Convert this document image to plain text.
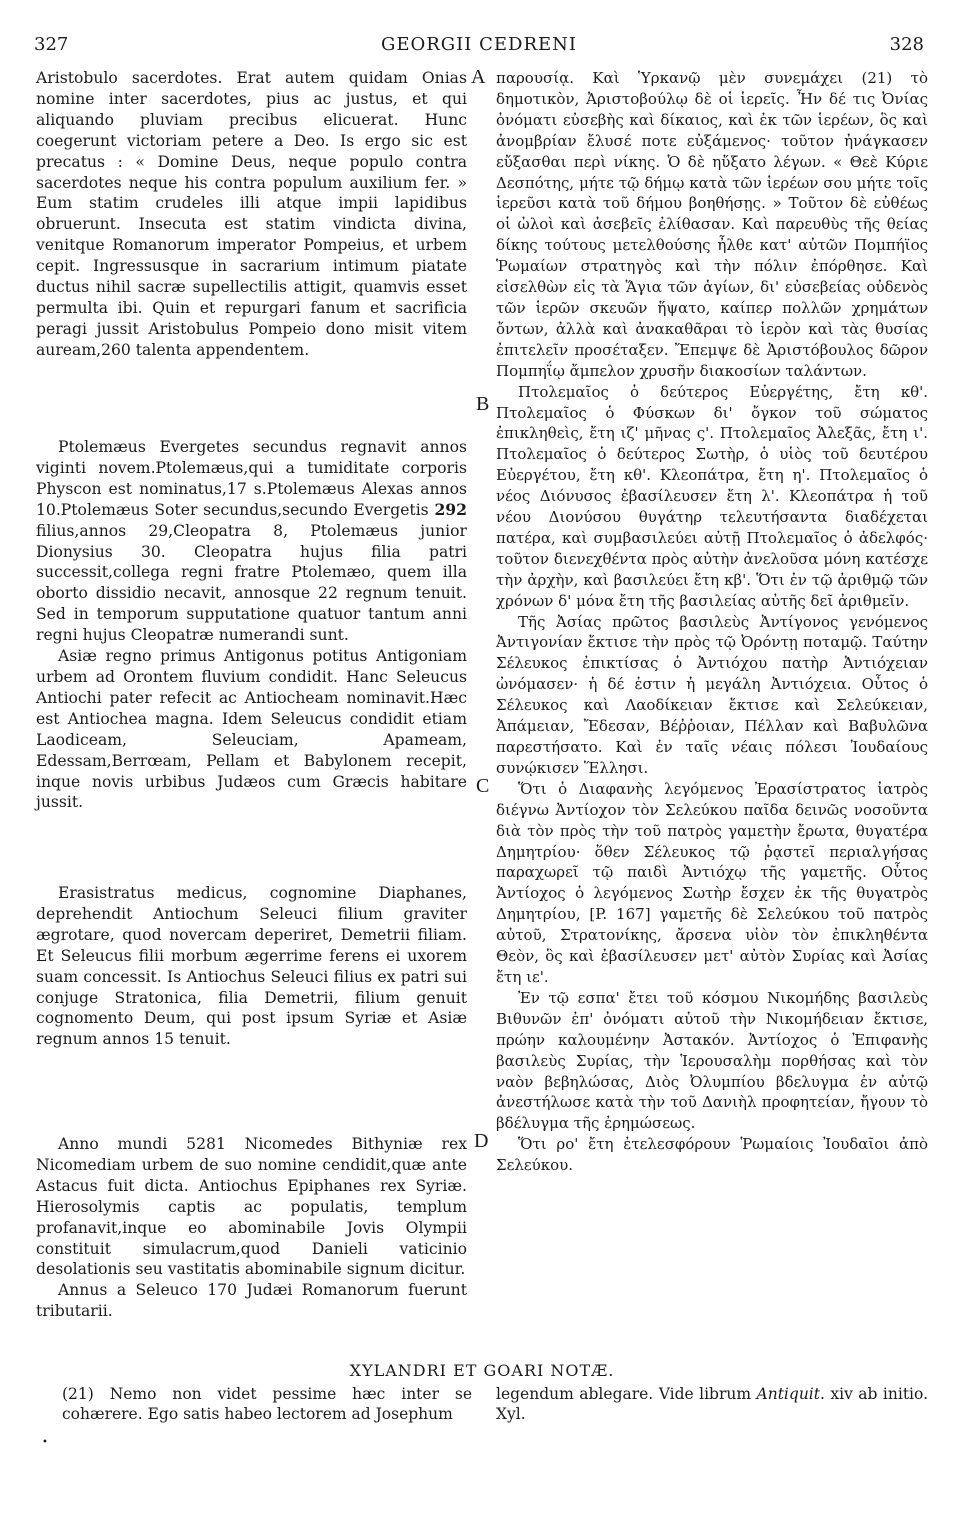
327	GEORGII CEDRENI	328
A
B
C
D

Aristobulo sacerdotes. Erat autem quidam Onias nomine inter sacerdotes, pius ac justus, et qui aliquando pluviam precibus elicuerat. Hunc coegerunt victoriam petere a Deo. Is ergo sic est precatus : « Domine Deus, neque populo contra sacerdotes neque his contra populum auxilium fer. » Eum statim crudeles illi atque impii lapidibus obruerunt. Insecuta est statim vindicta divina, venitque Romanorum imperator Pompeius, et urbem cepit. Ingressusque in sacrarium intimum piatate ductus nihil sacræ supellectilis attigit, quamvis esset permulta ibi. Quin et repurgari fanum et sacrificia peragi jussit Aristobulus Pompeio dono misit vitem auream,260 talenta appendentem.

Ptolemæus Evergetes secundus regnavit annos viginti novem.Ptolemæus,qui a tumiditate corporis Physcon est nominatus,17 s.Ptolemæus Alexas annos 10.Ptolemæus Soter secundus,secundo Evergetis 292 filius,annos 29,Cleopatra 8, Ptolemæus junior Dionysius 30. Cleopatra hujus filia patri successit,collega regni fratre Ptolemæo, quem illa oborto dissidio necavit, annosque 22 regnum tenuit. Sed in temporum supputatione quatuor tantum anni regni hujus Cleopatræ numerandi sunt.

Asiæ regno primus Antigonus potitus Antigoniam urbem ad Orontem fluvium condidit. Hanc Seleucus Antiochi pater refecit ac Antiocheam nominavit.Hæc est Antiochea magna. Idem Seleucus condidit etiam Laodiceam, Seleuciam, Apameam, Edessam,Berrœam, Pellam et Babylonem recepit, inque novis urbibus Judæos cum Græcis habitare jussit.

Erasistratus medicus, cognomine Diaphanes, deprehendit Antiochum Seleuci filium graviter ægrotare, quod novercam deperiret, Demetrii filiam. Et Seleucus filii morbum ægerrime ferens ei uxorem suam concessit. Is Antiochus Seleuci filius ex patri sui conjuge Stratonica, filia Demetrii, filium genuit cognomento Deum, qui post ipsum Syriæ et Asiæ regnum annos 15 tenuit.

Anno mundi 5281 Nicomedes Bithyniæ rex Nicomediam urbem de suo nomine cendidit,quæ ante Astacus fuit dicta. Antiochus Epiphanes rex Syriæ. Hierosolymis captis ac populatis, templum profanavit,inque eo abominabile Jovis Olympii constituit simulacrum,quod Danieli vaticinio desolationis seu vastitatis abominabile signum dicitur.

Annus a Seleuco 170 Judæi Romanorum fuerunt tributarii.

παρουσίᾳ. Καὶ Ὑρκανῷ μὲν συνεμάχει (21) τὸ δημοτικὸν, Ἀριστοβούλῳ δὲ οἱ ἱερεῖς. Ἦν δέ τις Ὀνίας ὀνόματι εὐσεβὴς καὶ δίκαιος, καὶ ἐκ τῶν ἱερέων, ὃς καὶ ἀνομβρίαν ἔλυσέ ποτε εὐξάμενος· τοῦτον ἠνάγκασεν εὔξασθαι περὶ νίκης. Ὁ δὲ ηὔξατο λέγων. « Θεὲ Κύριε Δεσπότης, μήτε τῷ δήμῳ κατὰ τῶν ἱερέων σου μήτε τοῖς ἱερεῦσι κατὰ τοῦ δήμου βοηθήσῃς. » Τοῦτον δὲ εὐθέως οἱ ὠλοὶ καὶ ἀσεβεῖς ἐλίθασαν. Καὶ παρευθὺς τῆς θείας δίκης τούτους μετελθούσης ἦλθε κατ' αὐτῶν Πομπήϊος Ῥωμαίων στρατηγὸς καὶ τὴν πόλιν ἐπόρθησε. Καὶ εἰσελθὼν εἰς τὰ Ἅγια τῶν ἁγίων, δι' εὐσεβείας οὐδενὸς τῶν ἱερῶν σκευῶν ἥψατο, καίπερ πολλῶν χρημάτων ὄντων, ἀλλὰ καὶ ἀνακαθᾶραι τὸ ἱερὸν καὶ τὰς θυσίας ἐπιτελεῖν προσέταξεν. Ἔπεμψε δὲ Ἀριστόβουλος δῶρον Πομπηΐῳ ἄμπελον χρυσῆν διακοσίων ταλάντων.

Πτολεμαῖος ὁ δεύτερος Εὐεργέτης, ἔτη κθ'. Πτολεμαῖος ὁ Φύσκων δι' ὄγκον τοῦ σώματος ἐπικληθεὶς, ἔτη ιζ' μῆνας ς'. Πτολεμαῖος Ἀλεξᾶς, ἔτη ι'. Πτολεμαῖος ὁ δεύτερος Σωτὴρ, ὁ υἱὸς τοῦ δευτέρου Εὐεργέτου, ἔτη κθ'. Κλεοπάτρα, ἔτη η'. Πτολεμαῖος ὁ νέος Διόνυσος ἐβασίλευσεν ἔτη λ'. Κλεοπάτρα ἡ τοῦ νέου Διονύσου θυγάτηρ τελευτήσαντα διαδέχεται πατέρα, καὶ συμβασιλεύει αὐτῇ Πτολεμαῖος ὁ ἀδελφός· τοῦτον διενεχθέντα πρὸς αὐτὴν ἀνελοῦσα μόνη κατέσχε τὴν ἀρχὴν, καὶ βασιλεύει ἔτη κβ'. Ὅτι ἐν τῷ ἀριθμῷ τῶν χρόνων δ' μόνα ἔτη τῆς βασιλείας αὐτῆς δεῖ ἀριθμεῖν.

Τῆς Ἀσίας πρῶτος βασιλεὺς Ἀντίγονος γενόμενος Ἀντιγονίαν ἔκτισε τὴν πρὸς τῷ Ὀρόντῃ ποταμῷ. Ταύτην Σέλευκος ἐπικτίσας ὁ Ἀντιόχου πατὴρ Ἀντιόχειαν ὠνόμασεν· ἡ δέ ἐστιν ἡ μεγάλη Ἀντιόχεια. Οὗτος ὁ Σέλευκος καὶ Λαοδίκειαν ἔκτισε καὶ Σελεύκειαν, Ἀπάμειαν, Ἔδεσαν, Βέῤῥοιαν, Πέλλαν καὶ Βαβυλῶνα παρεστήσατο. Καὶ ἐν ταῖς νέαις πόλεσι Ἰουδαίους συνῴκισεν Ἕλλησι.

Ὅτι ὁ Διαφανὴς λεγόμενος Ἐρασίστρατος ἰατρὸς διέγνω Ἀντίοχον τὸν Σελεύκου παῖδα δεινῶς νοσοῦντα διὰ τὸν πρὸς τὴν τοῦ πατρὸς γαμετὴν ἔρωτα, θυγατέρα Δημητρίου· ὅθεν Σέλευκος τῷ ῥᾳστεῖ περιαλγήσας παραχωρεῖ τῷ παιδὶ Ἀντιόχῳ τῆς γαμετῆς. Οὗτος Ἀντίοχος ὁ λεγόμενος Σωτὴρ ἔσχεν ἐκ τῆς θυγατρὸς Δημητρίου, [P. 167] γαμετῆς δὲ Σελεύκου τοῦ πατρὸς αὐτοῦ, Στρατονίκης, ἄρσενα υἱὸν τὸν ἐπικληθέντα Θεὸν, ὃς καὶ ἐβασίλευσεν μετ' αὐτὸν Συρίας καὶ Ἀσίας ἔτη ιε'.

Ἐν τῷ εσπα' ἔτει τοῦ κόσμου Νικομήδης βασιλεὺς Βιθυνῶν ἐπ' ὀνόματι αὐτοῦ τὴν Νικομήδειαν ἔκτισε, πρώην καλουμένην Ἀστακόν. Ἀντίοχος ὁ Ἐπιφανὴς βασιλεὺς Συρίας, τὴν Ἱερουσαλὴμ πορθήσας καὶ τὸν ναὸν βεβηλώσας, Διὸς Ὀλυμπίου βδελυγμα ἐν αὐτῷ ἀνεστήλωσε κατὰ τὴν τοῦ Δανιὴλ προφητείαν, ἤγουν τὸ βδέλυγμα τῆς ἐρημώσεως.

Ὅτι ρο' ἔτη ἐτελεσφόρουν Ῥωμαίοις Ἰουδαῖοι ἀπὸ Σελεύκου.

XYLANDRI ET GOARI NOTÆ.
(21) Nemo non videt pessime hæc inter se cohærere. Ego satis habeo lectorem ad Josephum
legendum ablegare. Vide librum Antiquit. xiv ab initio. Xyl.
•
